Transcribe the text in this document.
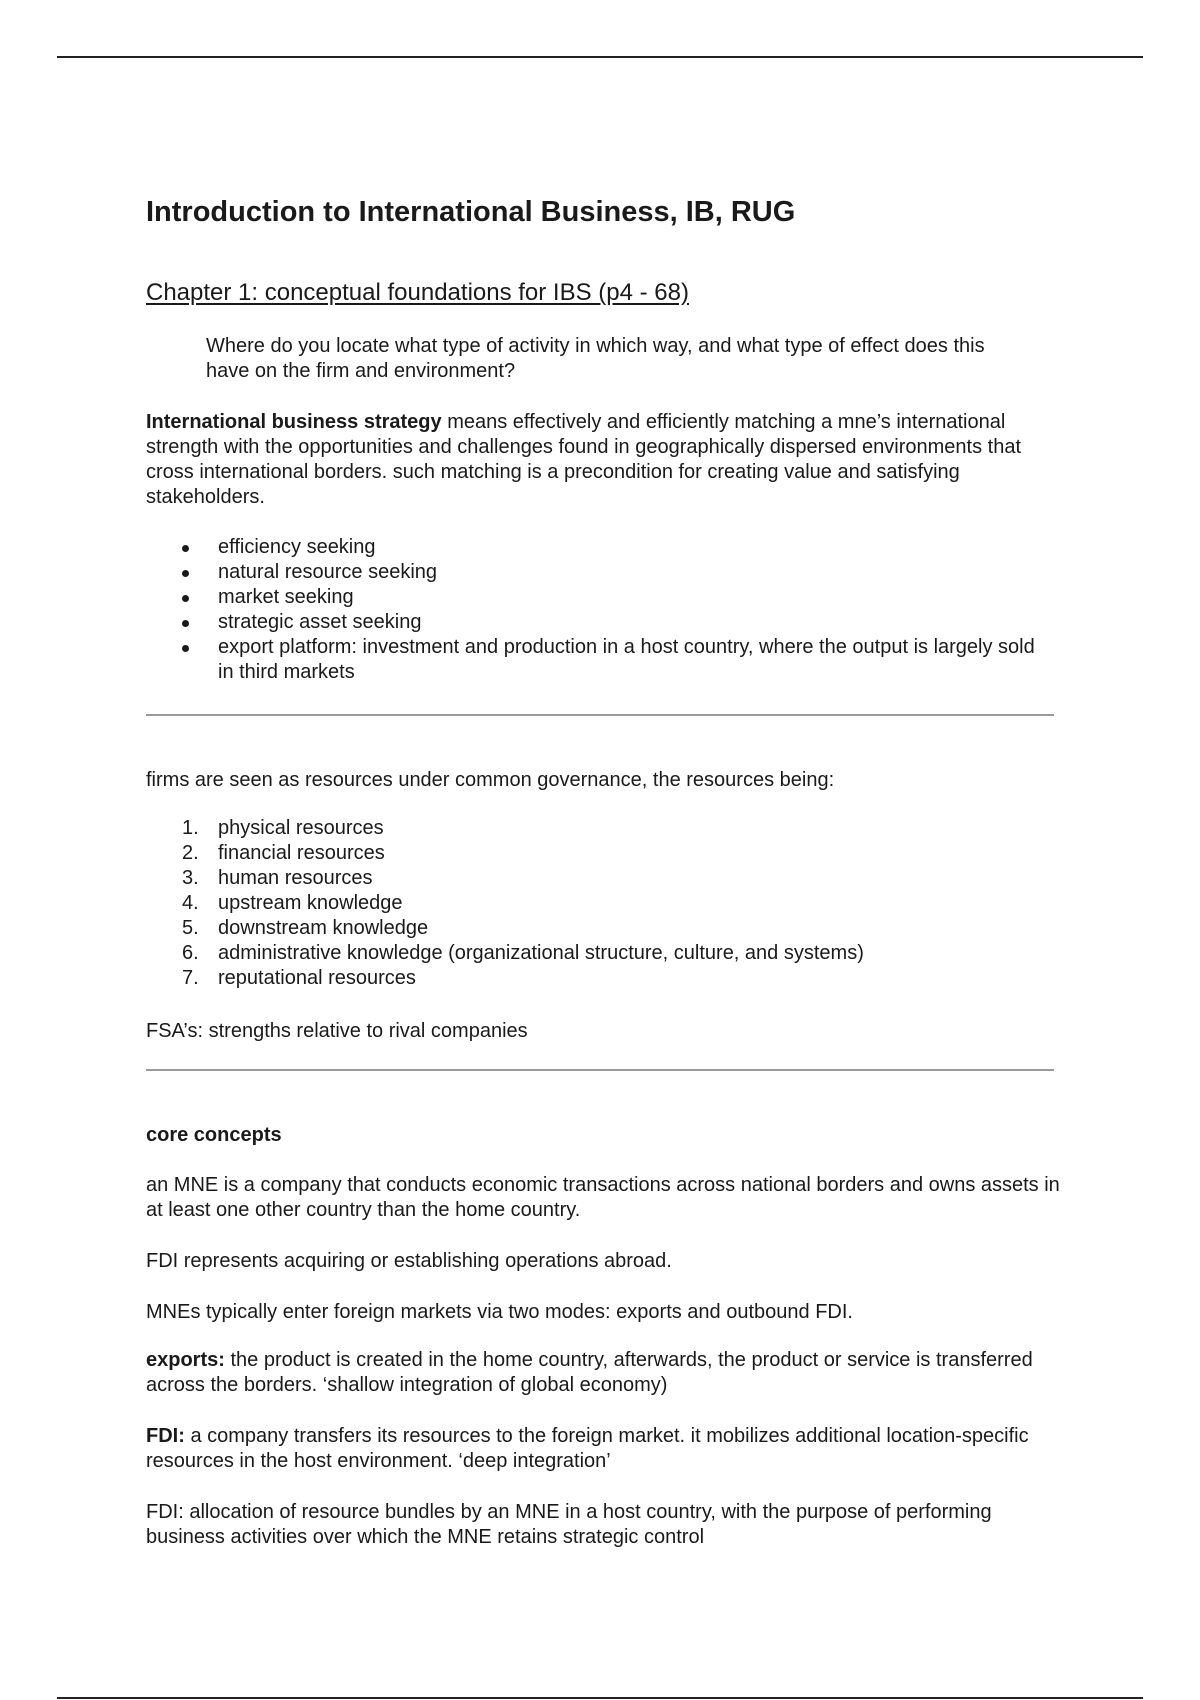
Introduction to International Business, IB, RUG
Chapter 1: conceptual foundations for IBS (p4 - 68)
Where do you locate what type of activity in which way, and what type of effect does this have on the firm and environment?
International business strategy means effectively and efficiently matching a mne’s international strength with the opportunities and challenges found in geographically dispersed environments that cross international borders. such matching is a precondition for creating value and satisfying stakeholders.
efficiency seeking
natural resource seeking
market seeking
strategic asset seeking
export platform: investment and production in a host country, where the output is largely sold in third markets
firms are seen as resources under common governance, the resources being:
1. physical resources
2. financial resources
3. human resources
4. upstream knowledge
5. downstream knowledge
6. administrative knowledge (organizational structure, culture, and systems)
7. reputational resources
FSA’s: strengths relative to rival companies
core concepts
an MNE is a company that conducts economic transactions across national borders and owns assets in at least one other country than the home country.
FDI represents acquiring or establishing operations abroad.
MNEs typically enter foreign markets via two modes: exports and outbound FDI.
exports: the product is created in the home country, afterwards, the product or service is transferred across the borders. ‘shallow integration of global economy)
FDI: a company transfers its resources to the foreign market. it mobilizes additional location-specific resources in the host environment. ‘deep integration’
FDI: allocation of resource bundles by an MNE in a host country, with the purpose of performing business activities over which the MNE retains strategic control
